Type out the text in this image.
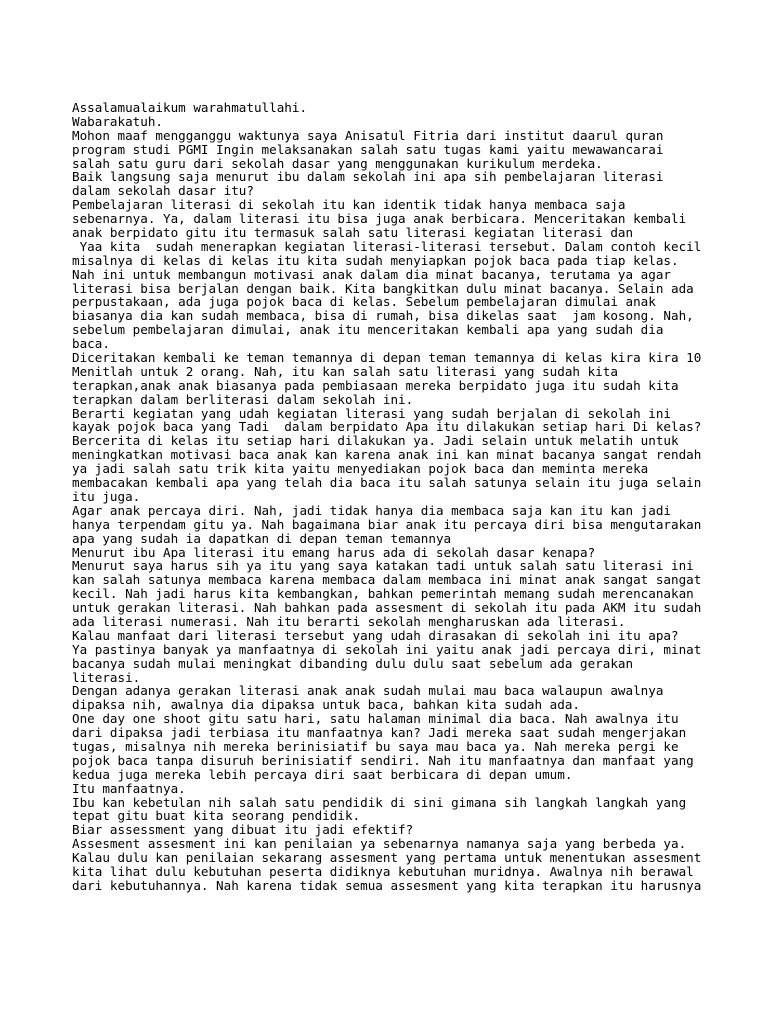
Assalamualaikum warahmatullahi.
Wabarakatuh.
Mohon maaf mengganggu waktunya saya Anisatul Fitria dari institut daarul quran
program studi PGMI Ingin melaksanakan salah satu tugas kami yaitu mewawancarai
salah satu guru dari sekolah dasar yang menggunakan kurikulum merdeka.
Baik langsung saja menurut ibu dalam sekolah ini apa sih pembelajaran literasi
dalam sekolah dasar itu?
Pembelajaran literasi di sekolah itu kan identik tidak hanya membaca saja
sebenarnya. Ya, dalam literasi itu bisa juga anak berbicara. Menceritakan kembali
anak berpidato gitu itu termasuk salah satu literasi kegiatan literasi dan
Yaa kita  sudah menerapkan kegiatan literasi-literasi tersebut. Dalam contoh kecil
misalnya di kelas di kelas itu kita sudah menyiapkan pojok baca pada tiap kelas.
Nah ini untuk membangun motivasi anak dalam dia minat bacanya, terutama ya agar
literasi bisa berjalan dengan baik. Kita bangkitkan dulu minat bacanya. Selain ada
perpustakaan, ada juga pojok baca di kelas. Sebelum pembelajaran dimulai anak
biasanya dia kan sudah membaca, bisa di rumah, bisa dikelas saat  jam kosong. Nah,
sebelum pembelajaran dimulai, anak itu menceritakan kembali apa yang sudah dia
baca.
Diceritakan kembali ke teman temannya di depan teman temannya di kelas kira kira 10
Menitlah untuk 2 orang. Nah, itu kan salah satu literasi yang sudah kita
terapkan,anak anak biasanya pada pembiasaan mereka berpidato juga itu sudah kita
terapkan dalam berliterasi dalam sekolah ini.
Berarti kegiatan yang udah kegiatan literasi yang sudah berjalan di sekolah ini
kayak pojok baca yang Tadi  dalam berpidato Apa itu dilakukan setiap hari Di kelas?
Bercerita di kelas itu setiap hari dilakukan ya. Jadi selain untuk melatih untuk
meningkatkan motivasi baca anak kan karena anak ini kan minat bacanya sangat rendah
ya jadi salah satu trik kita yaitu menyediakan pojok baca dan meminta mereka
membacakan kembali apa yang telah dia baca itu salah satunya selain itu juga selain
itu juga.
Agar anak percaya diri. Nah, jadi tidak hanya dia membaca saja kan itu kan jadi
hanya terpendam gitu ya. Nah bagaimana biar anak itu percaya diri bisa mengutarakan
apa yang sudah ia dapatkan di depan teman temannya
Menurut ibu Apa literasi itu emang harus ada di sekolah dasar kenapa?
Menurut saya harus sih ya itu yang saya katakan tadi untuk salah satu literasi ini
kan salah satunya membaca karena membaca dalam membaca ini minat anak sangat sangat
kecil. Nah jadi harus kita kembangkan, bahkan pemerintah memang sudah merencanakan
untuk gerakan literasi. Nah bahkan pada assesment di sekolah itu pada AKM itu sudah
ada literasi numerasi. Nah itu berarti sekolah mengharuskan ada literasi.
Kalau manfaat dari literasi tersebut yang udah dirasakan di sekolah ini itu apa?
Ya pastinya banyak ya manfaatnya di sekolah ini yaitu anak jadi percaya diri, minat
bacanya sudah mulai meningkat dibanding dulu dulu saat sebelum ada gerakan
literasi.
Dengan adanya gerakan literasi anak anak sudah mulai mau baca walaupun awalnya
dipaksa nih, awalnya dia dipaksa untuk baca, bahkan kita sudah ada.
One day one shoot gitu satu hari, satu halaman minimal dia baca. Nah awalnya itu
dari dipaksa jadi terbiasa itu manfaatnya kan? Jadi mereka saat sudah mengerjakan
tugas, misalnya nih mereka berinisiatif bu saya mau baca ya. Nah mereka pergi ke
pojok baca tanpa disuruh berinisiatif sendiri. Nah itu manfaatnya dan manfaat yang
kedua juga mereka lebih percaya diri saat berbicara di depan umum.
Itu manfaatnya.
Ibu kan kebetulan nih salah satu pendidik di sini gimana sih langkah langkah yang
tepat gitu buat kita seorang pendidik.
Biar assessment yang dibuat itu jadi efektif?
Assesment assesment ini kan penilaian ya sebenarnya namanya saja yang berbeda ya.
Kalau dulu kan penilaian sekarang assesment yang pertama untuk menentukan assesment
kita lihat dulu kebutuhan peserta didiknya kebutuhan muridnya. Awalnya nih berawal
dari kebutuhannya. Nah karena tidak semua assesment yang kita terapkan itu harusnya
